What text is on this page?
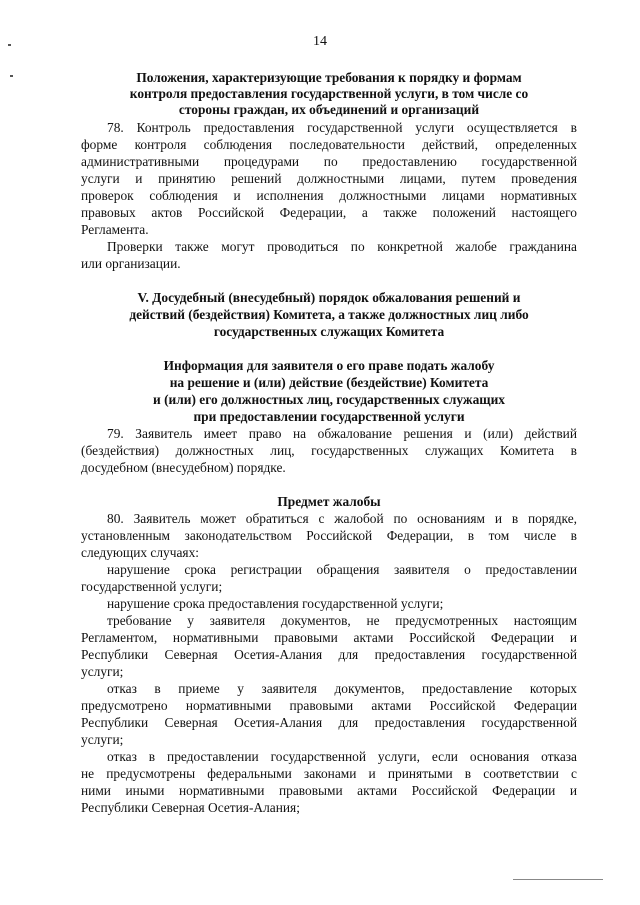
14
Положения, характеризующие требования к порядку и формам
контроля предоставления государственной услуги, в том числе со
стороны граждан, их объединений и организаций
78. Контроль предоставления государственной услуги осуществляется в
форме контроля соблюдения последовательности действий, определенных
административными процедурами по предоставлению государственной
услуги и принятию решений должностными лицами, путем проведения
проверок соблюдения и исполнения должностными лицами нормативных
правовых актов Российской Федерации, а также положений настоящего
Регламента.
Проверки также могут проводиться по конкретной жалобе гражданина
или организации.
V. Досудебный (внесудебный) порядок обжалования решений и
действий (бездействия) Комитета, а также должностных лиц либо
государственных служащих Комитета
Информация для заявителя о его праве подать жалобу
на решение и (или) действие (бездействие) Комитета
и (или) его должностных лиц, государственных служащих
при предоставлении государственной услуги
79. Заявитель имеет право на обжалование решения и (или) действий
(бездействия) должностных лиц, государственных служащих Комитета в
досудебном (внесудебном) порядке.
Предмет жалобы
80. Заявитель может обратиться с жалобой по основаниям и в порядке,
установленным законодательством Российской Федерации, в том числе в
следующих случаях:
нарушение срока регистрации обращения заявителя о предоставлении
государственной услуги;
нарушение срока предоставления государственной услуги;
требование у заявителя документов, не предусмотренных настоящим
Регламентом, нормативными правовыми актами Российской Федерации и
Республики Северная Осетия-Алания для предоставления государственной
услуги;
отказ в приеме у заявителя документов, предоставление которых
предусмотрено нормативными правовыми актами Российской Федерации
Республики Северная Осетия-Алания для предоставления государственной
услуги;
отказ в предоставлении государственной услуги, если основания отказа
не предусмотрены федеральными законами и принятыми в соответствии с
ними иными нормативными правовыми актами Российской Федерации и
Республики Северная Осетия-Алания;
